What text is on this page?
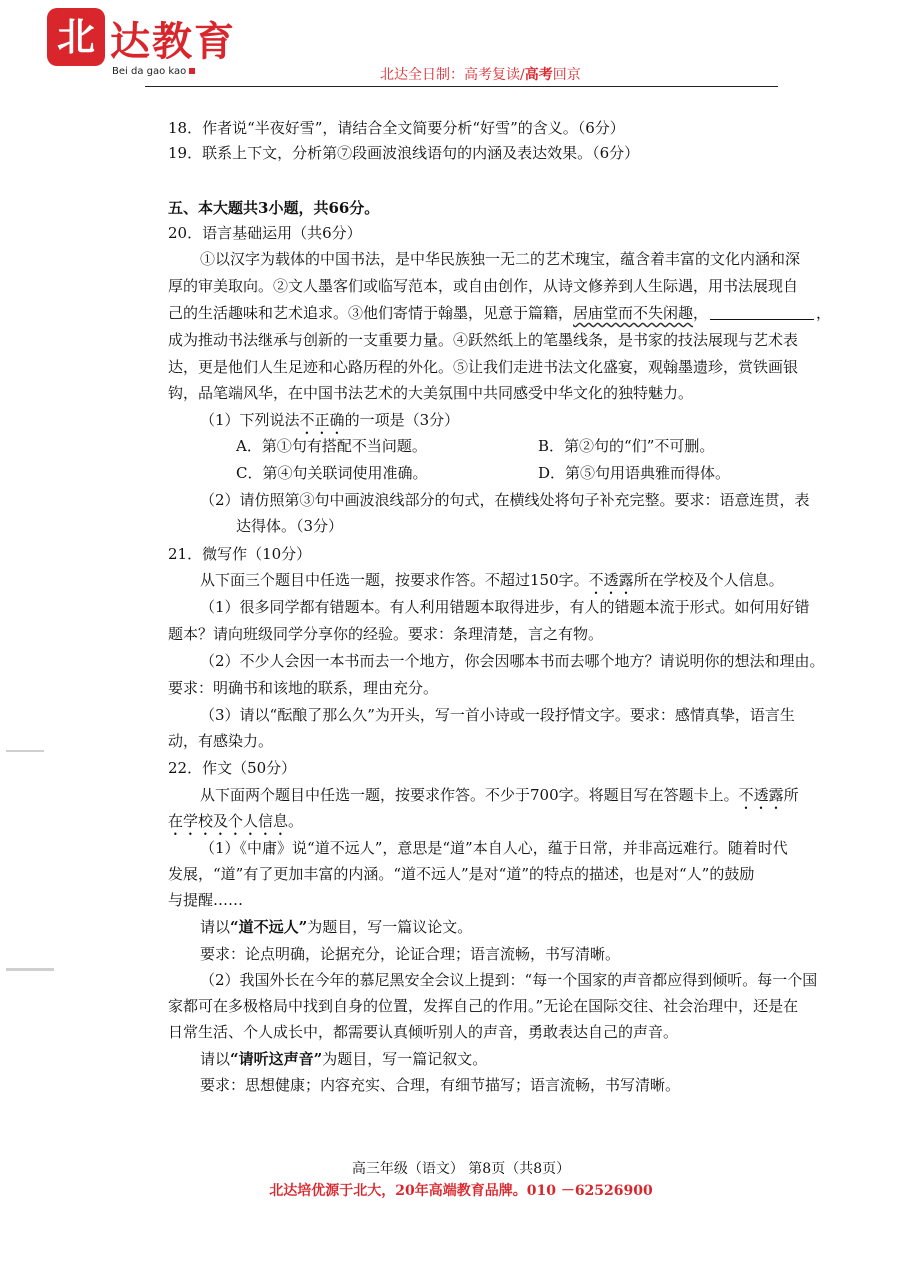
北 达教育
Bei da gao kao	北达全日制：高考复读/高考回京
18．作者说“半夜好雪”，请结合全文简要分析“好雪”的含义。（6分）
19．联系上下文，分析第⑦段画波浪线语句的内涵及表达效果。（6分）
五、本大题共3小题，共66分。
20．语言基础运用（共6分）
①以汉字为载体的中国书法，是中华民族独一无二的艺术瑰宝，蕴含着丰富的文化内涵和深
厚的审美取向。②文人墨客们或临写范本，或自由创作，从诗文修养到人生际遇，用书法展现自
己的生活趣味和艺术追求。③他们寄情于翰墨，见意于篇籍，居庙堂而不失闲趣，	，
成为推动书法继承与创新的一支重要力量。④跃然纸上的笔墨线条，是书家的技法展现与艺术表
达，更是他们人生足迹和心路历程的外化。⑤让我们走进书法文化盛宴，观翰墨遗珍，赏铁画银
钩，品笔端风华，在中国书法艺术的大美氛围中共同感受中华文化的独特魅力。
（1）下列说法不正确的一项是（3分）
A．第①句有搭配不当问题。	B．第②句的“们”不可删。
C．第④句关联词使用准确。	D．第⑤句用语典雅而得体。
（2）请仿照第③句中画波浪线部分的句式，在横线处将句子补充完整。要求：语意连贯，表
达得体。（3分）
21．微写作（10分）
从下面三个题目中任选一题，按要求作答。不超过150字。不透露所在学校及个人信息。
（1）很多同学都有错题本。有人利用错题本取得进步，有人的错题本流于形式。如何用好错
题本？请向班级同学分享你的经验。要求：条理清楚，言之有物。
（2）不少人会因一本书而去一个地方，你会因哪本书而去哪个地方？请说明你的想法和理由。
要求：明确书和该地的联系，理由充分。
（3）请以“酝酿了那么久”为开头，写一首小诗或一段抒情文字。要求：感情真挚，语言生
动，有感染力。
22．作文（50分）
从下面两个题目中任选一题，按要求作答。不少于700字。将题目写在答题卡上。不透露所
在学校及个人信息。
（1）《中庸》说“道不远人”，意思是“道”本自人心，蕴于日常，并非高远难行。随着时代
发展，“道”有了更加丰富的内涵。“道不远人”是对“道”的特点的描述，也是对“人”的鼓励
与提醒……
请以“道不远人”为题目，写一篇议论文。
要求：论点明确，论据充分，论证合理；语言流畅，书写清晰。
（2）我国外长在今年的慕尼黑安全会议上提到：“每一个国家的声音都应得到倾听。每一个国
家都可在多极格局中找到自身的位置，发挥自己的作用。”无论在国际交往、社会治理中，还是在
日常生活、个人成长中，都需要认真倾听别人的声音，勇敢表达自己的声音。
请以“请听这声音”为题目，写一篇记叙文。
要求：思想健康；内容充实、合理，有细节描写；语言流畅，书写清晰。
高三年级（语文） 第8页（共8页）
北达培优源于北大，20年高端教育品牌。010 －62526900
